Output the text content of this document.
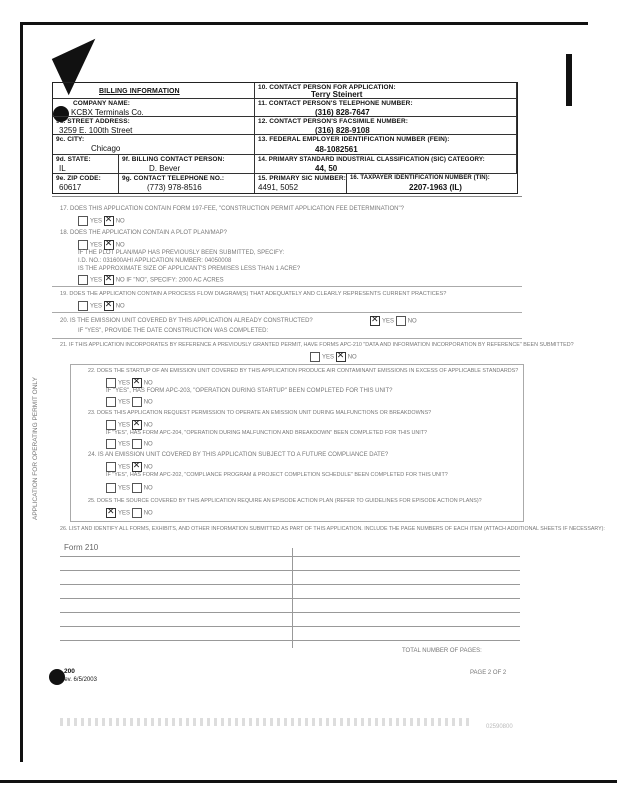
BILLING INFORMATION
10. CONTACT PERSON FOR APPLICATION:
Terry Steinert
COMPANY NAME:
KCBX Terminals Co.
11. CONTACT PERSON'S TELEPHONE NUMBER:
(316) 828-7647
9c. STREET ADDRESS:
3259 E. 100th Street
12. CONTACT PERSON'S FACSIMILE NUMBER:
(316) 828-9108
9c. CITY:
Chicago
13. FEDERAL EMPLOYER IDENTIFICATION NUMBER (FEIN):
48-1082561
9d. STATE:
IL
9f. BILLING CONTACT PERSON:
D. Bever
14. PRIMARY STANDARD INDUSTRIAL CLASSIFICATION (SIC) CATEGORY:
44, 50
9e. ZIP CODE:
60617
9g. CONTACT TELEPHONE NO.:
(773) 978-8516
15. PRIMARY SIC NUMBER:
4491, 5052
16. TAXPAYER IDENTIFICATION NUMBER (TIN):
2207-1963 (IL)
17. DOES THIS APPLICATION CONTAIN FORM 197-FEE, "CONSTRUCTION PERMIT APPLICATION FEE DETERMINATION"?
YES ✕ NO
18. DOES THE APPLICATION CONTAIN A PLOT PLAN/MAP?
YES ✕ NO
IF THE PLOT PLAN/MAP HAS PREVIOUSLY BEEN SUBMITTED, SPECIFY:
I.D. NO.: 031600AHI APPLICATION NUMBER: 04050008
IS THE APPROXIMATE SIZE OF APPLICANT'S PREMISES LESS THAN 1 ACRE?
YES ✕ NO IF "NO", SPECIFY: 2000 AC ACRES
19. DOES THE APPLICATION CONTAIN A PROCESS FLOW DIAGRAM(S) THAT ADEQUATELY AND CLEARLY REPRESENTS CURRENT PRACTICES?
YES ✕ NO
20. IS THE EMISSION UNIT COVERED BY THIS APPLICATION ALREADY CONSTRUCTED? ✕	YES NO
IF "YES", PROVIDE THE DATE CONSTRUCTION WAS COMPLETED:
21. IF THIS APPLICATION INCORPORATES BY REFERENCE A PREVIOUSLY GRANTED PERMIT, HAVE FORMS APC-210 "DATA AND INFORMATION INCORPORATION BY REFERENCE" BEEN SUBMITTED?
YES ✕ NO
APPLICATION FOR OPERATING PERMIT ONLY
22. DOES THE STARTUP OF AN EMISSION UNIT COVERED BY THIS APPLICATION PRODUCE AIR CONTAMINANT EMISSIONS IN EXCESS OF APPLICABLE STANDARDS?
YES ✕ NO
IF "YES", HAS FORM APC-203, "OPERATION DURING STARTUP" BEEN COMPLETED FOR THIS UNIT?
YES NO
23. DOES THIS APPLICATION REQUEST PERMISSION TO OPERATE AN EMISSION UNIT DURING MALFUNCTIONS OR BREAKDOWNS?
YES ✕ NO
IF "YES", HAS FORM APC-204, "OPERATION DURING MALFUNCTION AND BREAKDOWN" BEEN COMPLETED FOR THIS UNIT?
YES NO
24. IS AN EMISSION UNIT COVERED BY THIS APPLICATION SUBJECT TO A FUTURE COMPLIANCE DATE?
YES ✕ NO
IF "YES", HAS FORM APC-202, "COMPLIANCE PROGRAM & PROJECT COMPLETION SCHEDULE" BEEN COMPLETED FOR THIS UNIT?
YES NO
25. DOES THE SOURCE COVERED BY THIS APPLICATION REQUIRE AN EPISODE ACTION PLAN (REFER TO GUIDELINES FOR EPISODE ACTION PLANS)?
✕YES NO
26. LIST AND IDENTIFY ALL FORMS, EXHIBITS, AND OTHER INFORMATION SUBMITTED AS PART OF THIS APPLICATION. INCLUDE THE PAGE NUMBERS OF EACH ITEM (ATTACH ADDITIONAL SHEETS IF NECESSARY):
Form 210
TOTAL NUMBER OF PAGES:
200
Rev. 6/5/2003
PAGE 2 OF 2
02590800
